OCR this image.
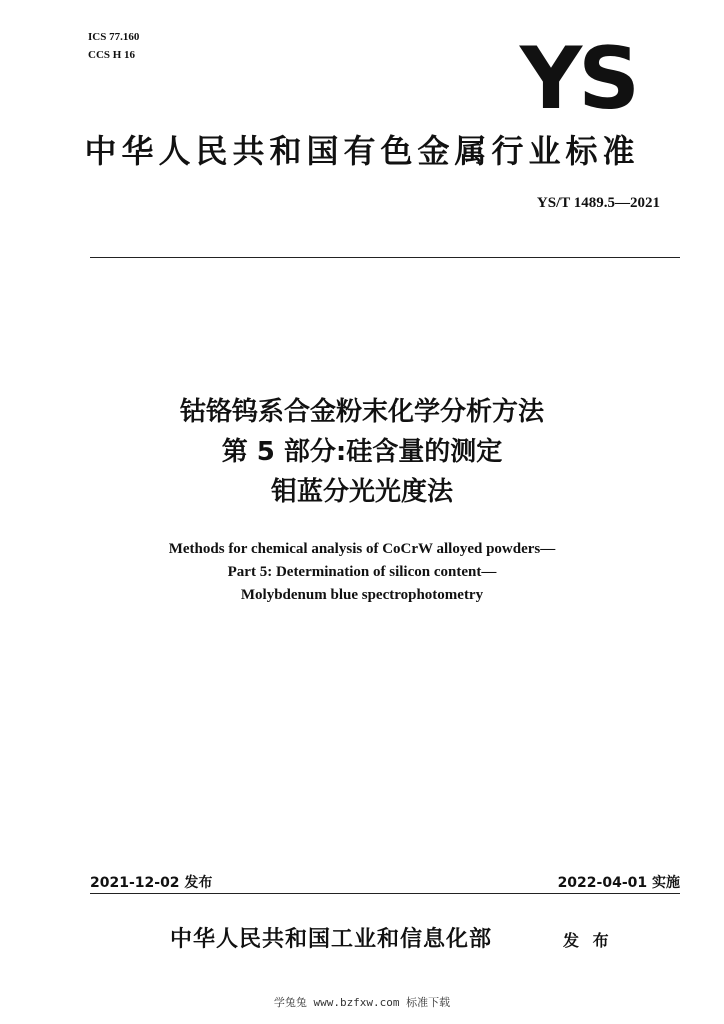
ICS 77.160
CCS H 16	YS
中华人民共和国有色金属行业标准
YS/T 1489.5—2021
钴铬钨系合金粉末化学分析方法
第 5 部分:硅含量的测定
钼蓝分光光度法
Methods for chemical analysis of CoCrW alloyed powders—
Part 5: Determination of silicon content—
Molybdenum blue spectrophotometry
2021-12-02 发布	2022-04-01 实施
中华人民共和国工业和信息化部	发 布
学兔兔 www.bzfxw.com 标准下载
